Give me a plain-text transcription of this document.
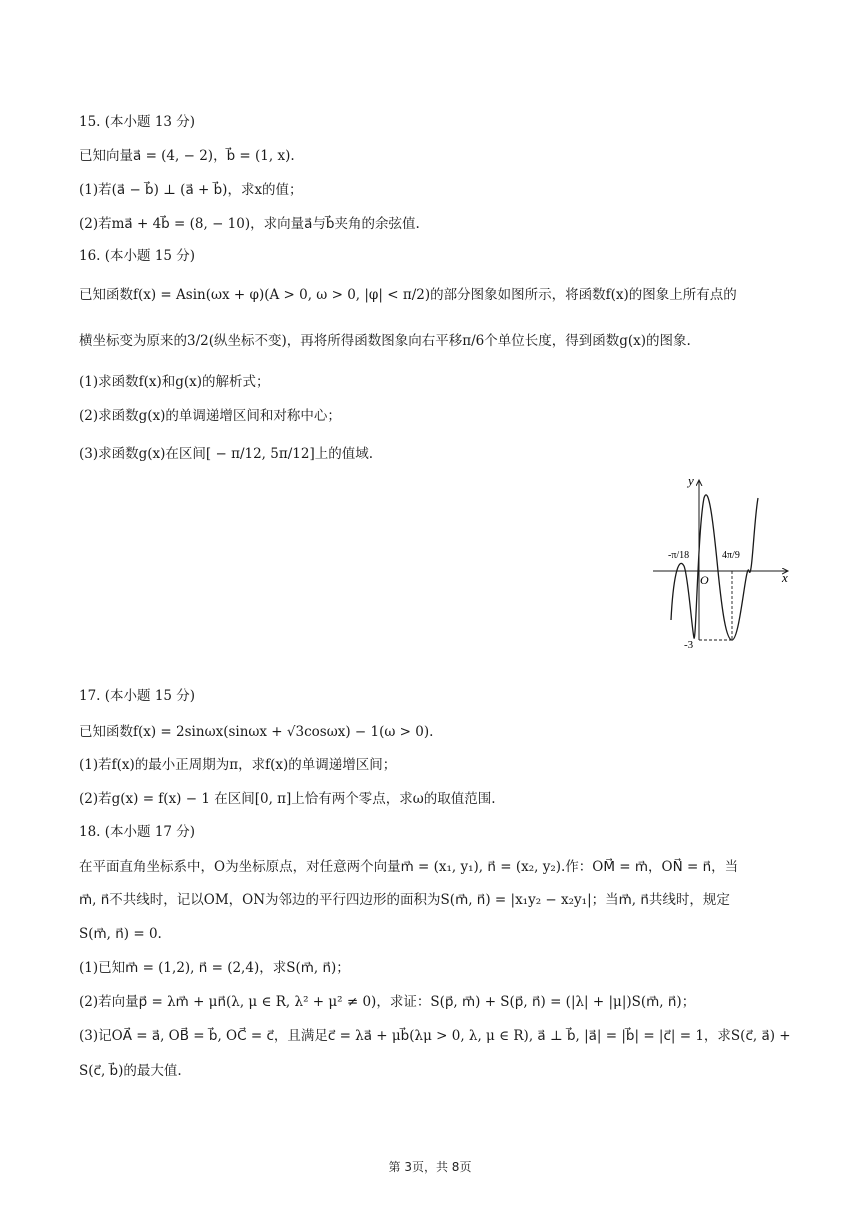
15. (本小题 13 分)
已知向量a⃗ = (4, − 2)，b⃗ = (1, x).
(1)若(a⃗ − b⃗) ⊥ (a⃗ + b⃗)，求x的值；
(2)若ma⃗ + 4b⃗ = (8, − 10)，求向量a⃗与b⃗夹角的余弦值.
16. (本小题 15 分)
已知函数f(x) = Asin(ωx + φ)(A > 0, ω > 0, |φ| < π/2)的部分图象如图所示，将函数f(x)的图象上所有点的
横坐标变为原来的3/2(纵坐标不变)，再将所得函数图象向右平移π/6个单位长度，得到函数g(x)的图象.
(1)求函数f(x)和g(x)的解析式；
(2)求函数g(x)的单调递增区间和对称中心；
(3)求函数g(x)在区间[ − π/12, 5π/12]上的值域.
y
x
O
-π/18	4π/9
-3
17. (本小题 15 分)
已知函数f(x) = 2sinωx(sinωx + √3cosωx) − 1(ω > 0).
(1)若f(x)的最小正周期为π，求f(x)的单调递增区间；
(2)若g(x) = f(x) − 1 在区间[0, π]上恰有两个零点，求ω的取值范围.
18. (本小题 17 分)
在平面直角坐标系中，O为坐标原点，对任意两个向量m⃗ = (x₁, y₁), n⃗ = (x₂, y₂).作：OM⃗ = m⃗，ON⃗ = n⃗，当
m⃗, n⃗不共线时，记以OM，ON为邻边的平行四边形的面积为S(m⃗, n⃗) = |x₁y₂ − x₂y₁|；当m⃗, n⃗共线时，规定
S(m⃗, n⃗) = 0.
(1)已知m⃗ = (1,2), n⃗ = (2,4)，求S(m⃗, n⃗)；
(2)若向量p⃗ = λm⃗ + μn⃗(λ, μ ∈ R, λ² + μ² ≠ 0)，求证：S(p⃗, m⃗) + S(p⃗, n⃗) = (|λ| + |μ|)S(m⃗, n⃗)；
(3)记OA⃗ = a⃗, OB⃗ = b⃗, OC⃗ = c⃗，且满足c⃗ = λa⃗ + μb⃗(λμ > 0, λ, μ ∈ R), a⃗ ⊥ b⃗, |a⃗| = |b⃗| = |c⃗| = 1，求S(c⃗, a⃗) +
S(c⃗, b⃗)的最大值.
第 3页，共 8页
